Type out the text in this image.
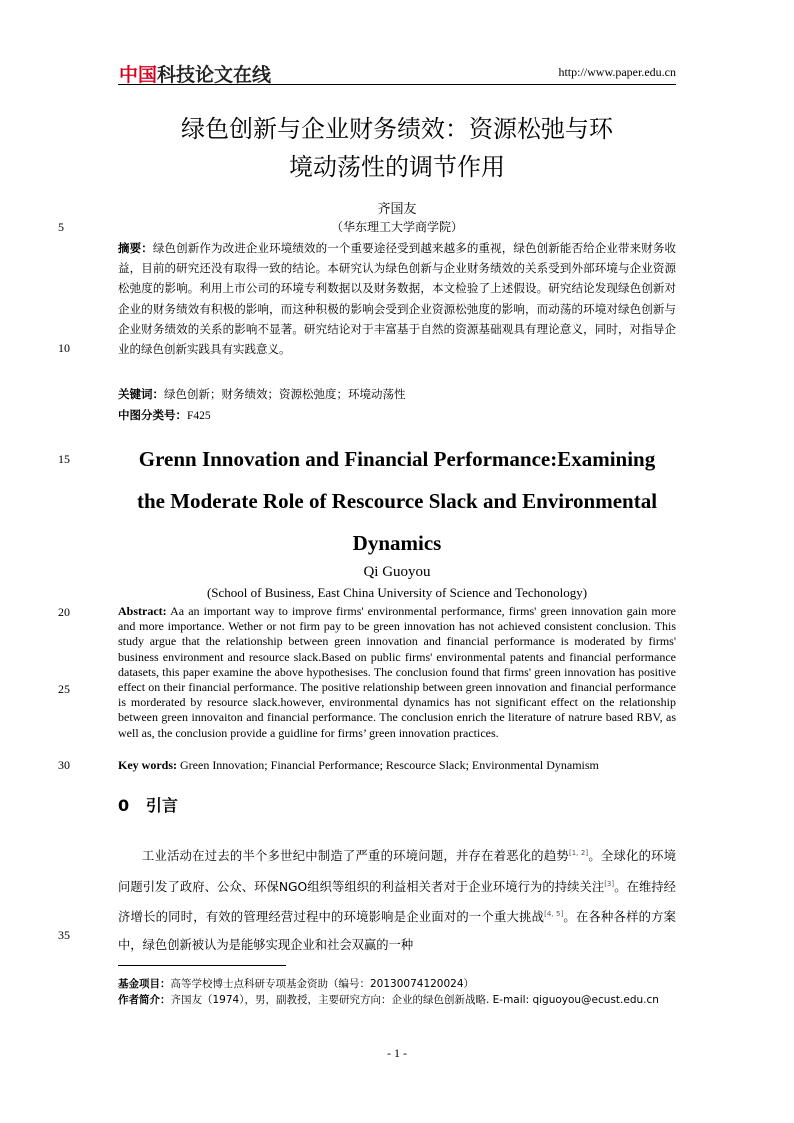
中国科技论文在线	http://www.paper.edu.cn
绿色创新与企业财务绩效：资源松弛与环
境动荡性的调节作用
齐国友
（华东理工大学商学院）
5
10
15
20
25
30
35
摘要：绿色创新作为改进企业环境绩效的一个重要途径受到越来越多的重视，绿色创新能否给企业带来财务收益，目前的研究还没有取得一致的结论。本研究认为绿色创新与企业财务绩效的关系受到外部环境与企业资源松弛度的影响。利用上市公司的环境专利数据以及财务数据，本文检验了上述假设。研究结论发现绿色创新对企业的财务绩效有积极的影响，而这种积极的影响会受到企业资源松弛度的影响，而动荡的环境对绿色创新与企业财务绩效的关系的影响不显著。研究结论对于丰富基于自然的资源基础观具有理论意义，同时，对指导企业的绿色创新实践具有实践意义。
关键词：绿色创新；财务绩效；资源松弛度；环境动荡性
中图分类号：F425
Grenn Innovation and Financial Performance:Examining
the Moderate Role of Rescource Slack and Environmental
Dynamics
Qi Guoyou
(School of Business, East China University of Science and Techonology)
Abstract: Aa an important way to improve firms' environmental performance, firms' green innovation gain more and more importance. Wether or not firm pay to be green innovation has not achieved consistent conclusion. This study argue that the relationship between green innovation and financial performance is moderated by firms' business environment and resource slack.Based on public firms' environmental patents and financial performance datasets, this paper examine the above hypothesises. The conclusion found that firms' green innovation has positive effect on their financial performance. The positive relationship between green innovation and financial performance is morderated by resource slack.however, environmental dynamics has not significant effect on the relationship between green innovaiton and financial performance. The conclusion enrich the literature of natrure based RBV, as well as, the conclusion provide a guidline for firms’ green innovation practices.
Key words: Green Innovation; Financial Performance; Rescource Slack; Environmental Dynamism
0 引言
工业活动在过去的半个多世纪中制造了严重的环境问题，并存在着恶化的趋势[1, 2]。全球化的环境问题引发了政府、公众、环保NGO组织等组织的利益相关者对于企业环境行为的持续关注[3]。在维持经济增长的同时，有效的管理经营过程中的环境影响是企业面对的一个重大挑战[4, 5]。在各种各样的方案中，绿色创新被认为是能够实现企业和社会双赢的一种
基金项目：高等学校博士点科研专项基金资助（编号：20130074120024）
作者简介：齐国友（1974），男，副教授，主要研究方向：企业的绿色创新战略. E-mail: qiguoyou@ecust.edu.cn
- 1 -
